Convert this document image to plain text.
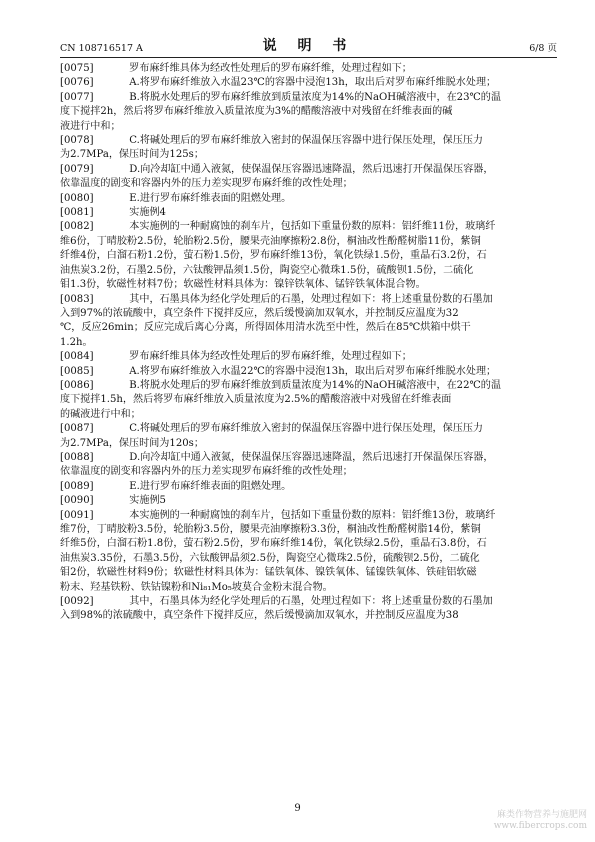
CN 108716517 A	说 明 书	6/8 页
[0075]      罗布麻纤维具体为经改性处理后的罗布麻纤维，处理过程如下；
[0076]      A.将罗布麻纤维放入水温23℃的容器中浸泡13h，取出后对罗布麻纤维脱水处理；
[0077]      B.将脱水处理后的罗布麻纤维放到质量浓度为14%的NaOH碱溶液中，在23℃的温
度下搅拌2h，然后将罗布麻纤维放入质量浓度为3%的醋酸溶液中对残留在纤维表面的碱
液进行中和；
[0078]      C.将碱处理后的罗布麻纤维放入密封的保温保压容器中进行保压处理，保压压力
为2.7MPa，保压时间为125s；
[0079]      D.向冷却缸中通入液氮，使保温保压容器迅速降温，然后迅速打开保温保压容器，
依靠温度的剧变和容器内外的压力差实现罗布麻纤维的改性处理；
[0080]      E.进行罗布麻纤维表面的阻燃处理。
[0081]      实施例4
[0082]      本实施例的一种耐腐蚀的刹车片，包括如下重量份数的原料：铝纤维11份，玻璃纤
维6份，丁晴胶粉2.5份，轮胎粉2.5份，腰果壳油摩擦粉2.8份，桐油改性酚醛树脂11份，紫铜
纤维4份，白溜石粉1.2份，萤石粉1.5份，罗布麻纤维13份，氧化铁绿1.5份，重晶石3.2份，石
油焦炭3.2份，石墨2.5份，六钛酸钾晶须1.5份，陶瓷空心微珠1.5份，硫酸钡1.5份，二硫化
钼1.3份，软磁性材料7份；软磁性材料具体为：镍锌铁氧体、锰锌铁氧体混合物。
[0083]      其中，石墨具体为经化学处理后的石墨，处理过程如下：将上述重量份数的石墨加
入到97%的浓硫酸中，真空条件下搅拌反应，然后缓慢滴加双氧水，并控制反应温度为32
℃，反应26min；反应完成后离心分离，所得固体用清水洗至中性，然后在85℃烘箱中烘干
1.2h。
[0084]      罗布麻纤维具体为经改性处理后的罗布麻纤维，处理过程如下；
[0085]      A.将罗布麻纤维放入水温22℃的容器中浸泡13h，取出后对罗布麻纤维脱水处理；
[0086]      B.将脱水处理后的罗布麻纤维放到质量浓度为14%的NaOH碱溶液中，在22℃的温
度下搅拌1.5h，然后将罗布麻纤维放入质量浓度为2.5%的醋酸溶液中对残留在纤维表面
的碱液进行中和；
[0087]      C.将碱处理后的罗布麻纤维放入密封的保温保压容器中进行保压处理，保压压力
为2.7MPa，保压时间为120s；
[0088]      D.向冷却缸中通入液氮，使保温保压容器迅速降温，然后迅速打开保温保压容器，
依靠温度的剧变和容器内外的压力差实现罗布麻纤维的改性处理；
[0089]      E.进行罗布麻纤维表面的阻燃处理。
[0090]      实施例5
[0091]      本实施例的一种耐腐蚀的刹车片，包括如下重量份数的原料：铝纤维13份，玻璃纤
维7份，丁晴胶粉3.5份，轮胎粉3.5份，腰果壳油摩擦粉3.3份，桐油改性酚醛树脂14份，紫铜
纤维5份，白溜石粉1.8份，萤石粉2.5份，罗布麻纤维14份，氧化铁绿2.5份，重晶石3.8份，石
油焦炭3.35份，石墨3.5份，六钛酸钾晶须2.5份，陶瓷空心微珠2.5份，硫酸钡2.5份，二硫化
钼2份，软磁性材料9份；软磁性材料具体为：锰铁氧体、镍铁氧体、锰镍铁氧体、铁硅铝软磁
粉末、羟基铁粉、铁钴镍粉和Ni₈₁Mo₅坡莫合金粉末混合物。
[0092]      其中，石墨具体为经化学处理后的石墨，处理过程如下：将上述重量份数的石墨加
入到98%的浓硫酸中，真空条件下搅拌反应，然后缓慢滴加双氧水，并控制反应温度为38
9
麻类作物营养与施肥网
www.fibercrops.com
